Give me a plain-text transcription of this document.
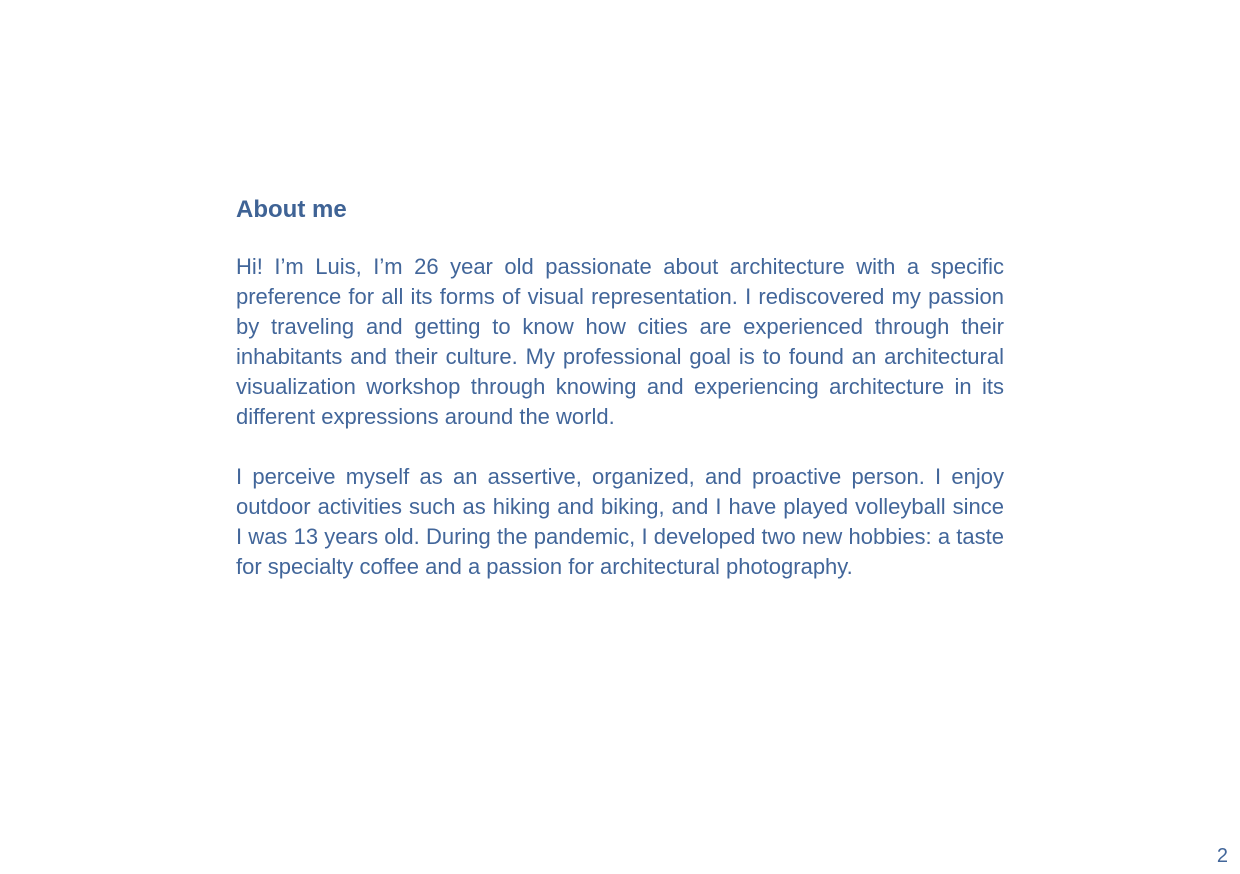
About me

Hi! I’m Luis, I’m 26 year old passionate about architecture with a specific preference for all its forms of visual representation. I rediscovered my passion by traveling and getting to know how cities are experienced through their inhabitants and their culture. My professional goal is to found an architectural visualization workshop through knowing and experiencing architecture in its different expressions around the world.

I perceive myself as an assertive, organized, and proactive person. I enjoy outdoor activities such as hiking and biking, and I have played volleyball since I was 13 years old. During the pandemic, I developed two new hobbies: a taste for specialty coffee and a passion for architectural photography.

2
